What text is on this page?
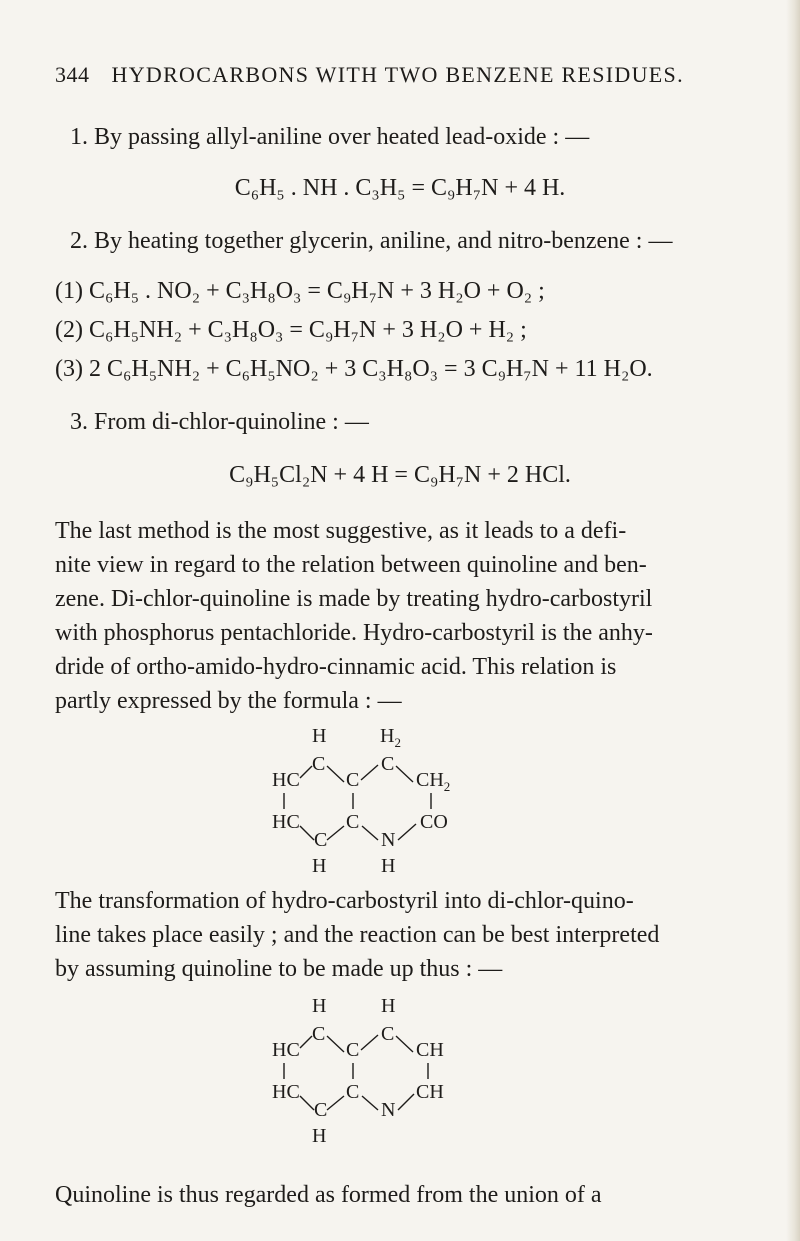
344 HYDROCARBONS WITH TWO BENZENE RESIDUES.
1. By passing allyl-aniline over heated lead-oxide : —
C₆H₅ . NH . C₃H₅ = C₉H₇N + 4 H.
2. By heating together glycerin, aniline, and nitro-benzene : —
(1) C₆H₅ . NO₂ + C₃H₈O₃ = C₉H₇N + 3 H₂O + O₂ ;
(2) C₆H₅NH₂ + C₃H₈O₃ = C₉H₇N + 3 H₂O + H₂ ;
(3) 2 C₆H₅NH₂ + C₆H₅NO₂ + 3 C₃H₈O₃ = 3 C₉H₇N + 11 H₂O.
3. From di-chlor-quinoline : —
C₉H₅Cl₂N + 4 H = C₉H₇N + 2 HCl.
The last method is the most suggestive, as it leads to a defi-
nite view in regard to the relation between quinoline and ben-
zene. Di-chlor-quinoline is made by treating hydro-carbostyril
with phosphorus pentachloride. Hydro-carbostyril is the anhy-
dride of ortho-amido-hydro-cinnamic acid. This relation is
partly expressed by the formula : —
H	$H_2$
C	C
HC C	$CH_2$
HC C	CO
C	N
H	H
The transformation of hydro-carbostyril into di-chlor-quino-
line takes place easily ; and the reaction can be best interpreted
by assuming quinoline to be made up thus : —
H	H
C	C
HC C	CH
HC C	CH
C	N
H
Quinoline is thus regarded as formed from the union of a
